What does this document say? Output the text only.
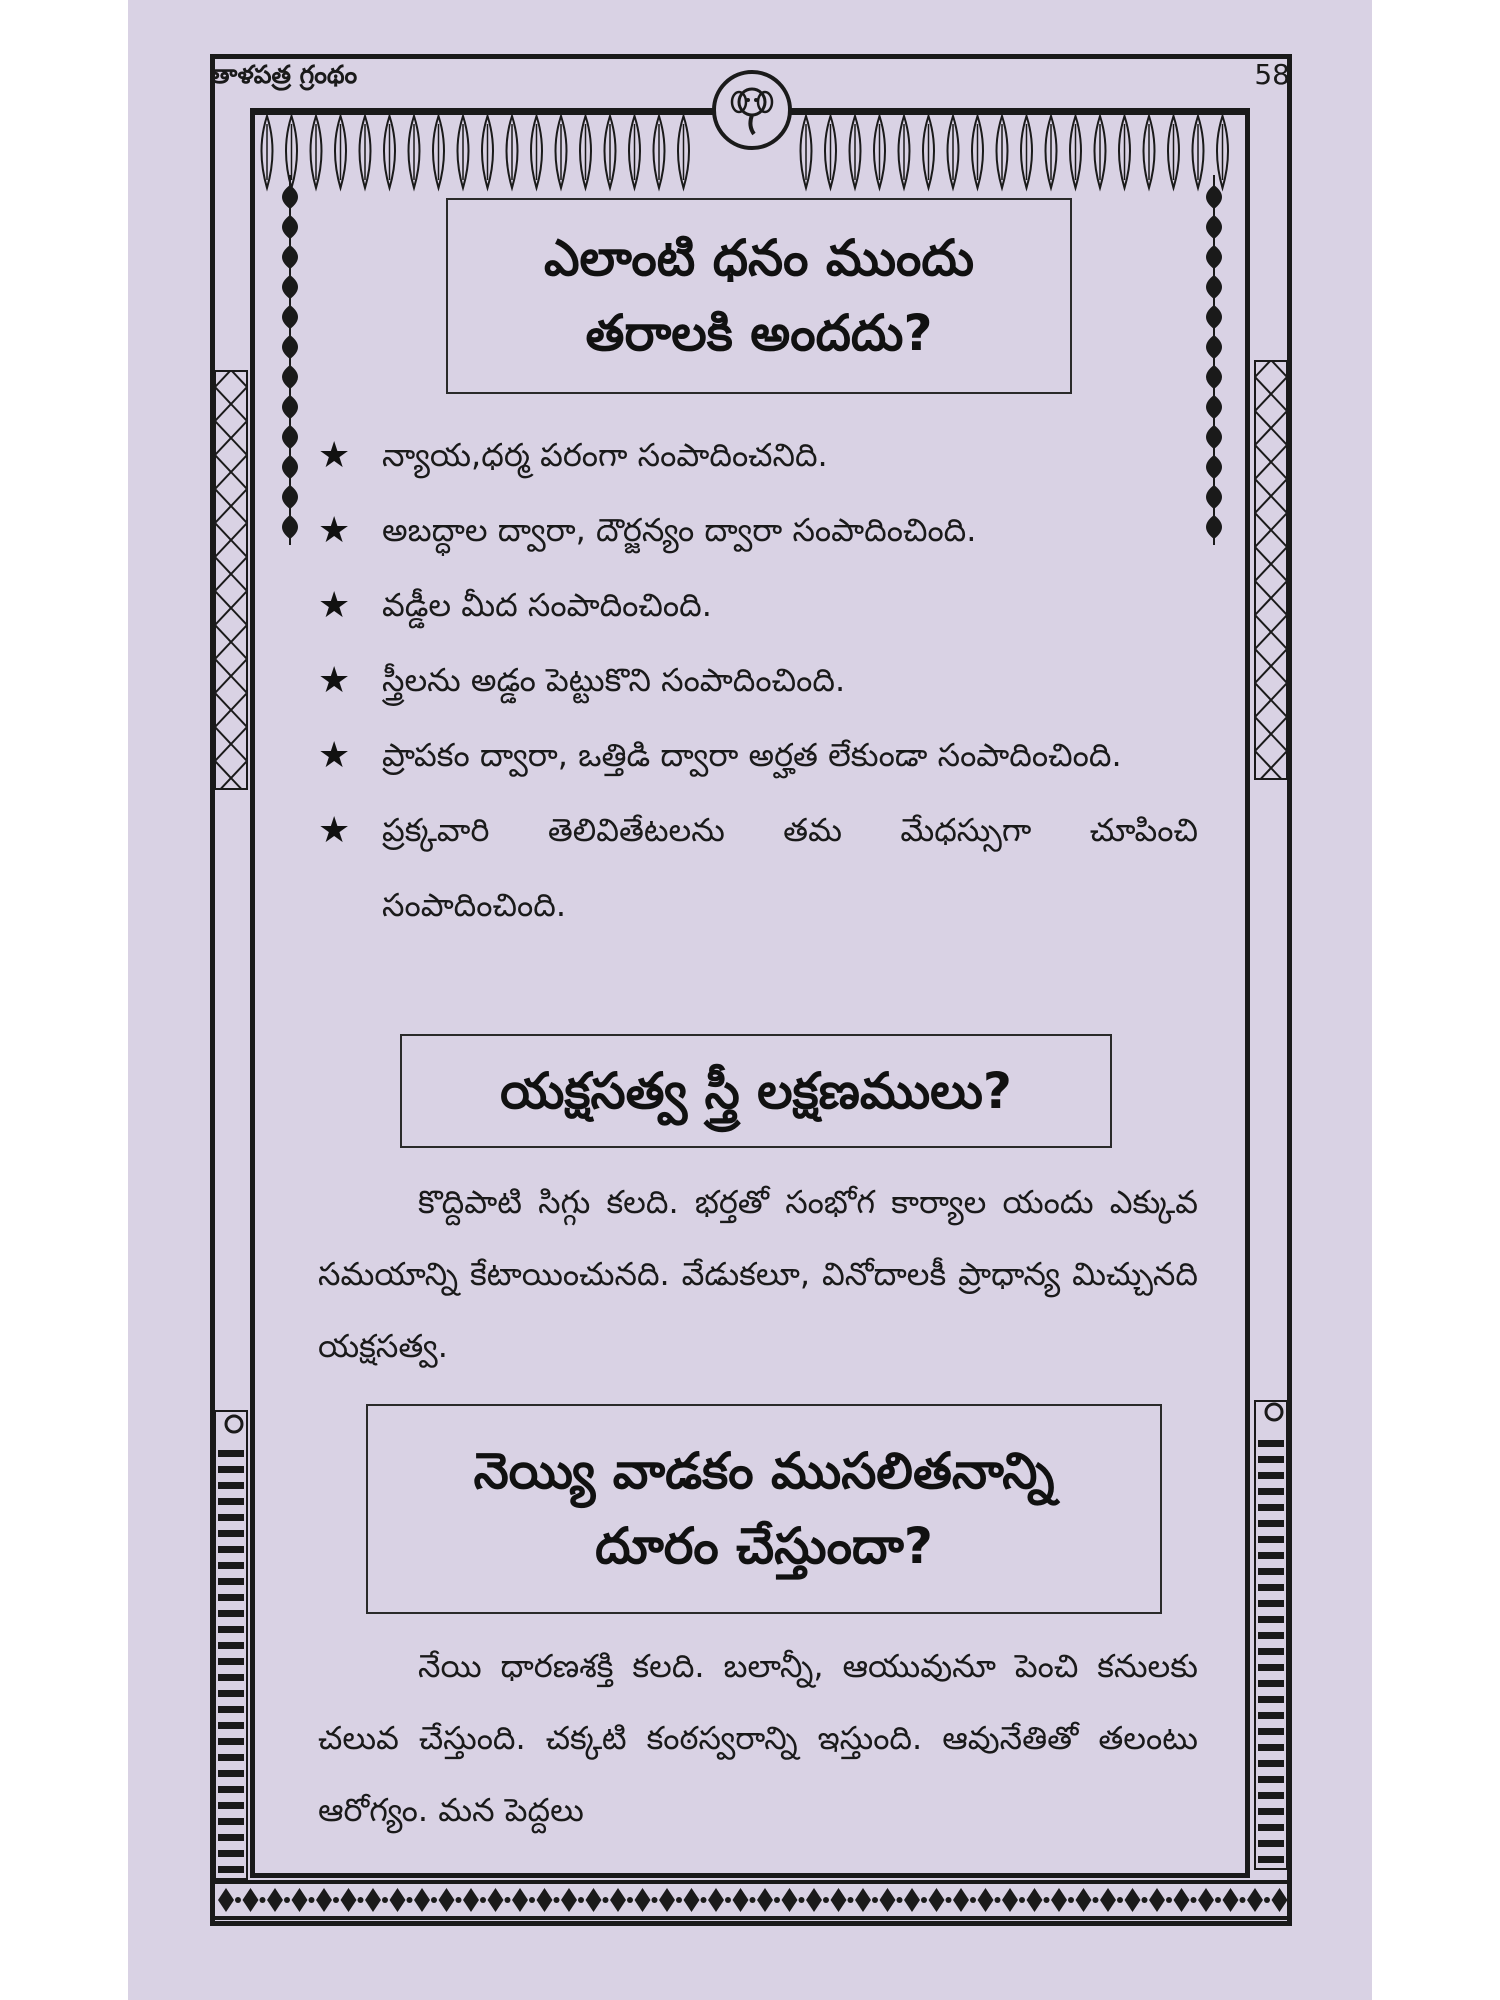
తాళపత్ర గ్రంథం	58
ఎలాంటి ధనం ముందు
తరాలకి అందదు?
★ న్యాయ,ధర్మ పరంగా సంపాదించనిది.
★ అబద్ధాల ద్వారా, దౌర్జన్యం ద్వారా సంపాదించింది.
★ వడ్డీల మీద సంపాదించింది.
★ స్త్రీలను అడ్డం పెట్టుకొని సంపాదించింది.
★ ప్రాపకం ద్వారా, ఒత్తిడి ద్వారా అర్హత లేకుండా సంపాదించింది.
★ ప్రక్కవారి తెలివితేటలను తమ మేధస్సుగా చూపించి సంపాదించింది.
యక్షసత్వ స్త్రీ లక్షణములు?
కొద్దిపాటి సిగ్గు కలది. భర్తతో సంభోగ కార్యాల యందు ఎక్కువ సమయాన్ని కేటాయించునది. వేడుకలూ, వినోదాలకీ ప్రాధాన్య మిచ్చునది యక్షసత్వ.
నెయ్యి వాడకం ముసలితనాన్ని
దూరం చేస్తుందా?
నేయి ధారణశక్తి కలది. బలాన్నీ, ఆయువునూ పెంచి కనులకు చలువ చేస్తుంది. చక్కటి కంఠస్వరాన్ని ఇస్తుంది. ఆవునేతితో తలంటు ఆరోగ్యం. మన పెద్దలు
